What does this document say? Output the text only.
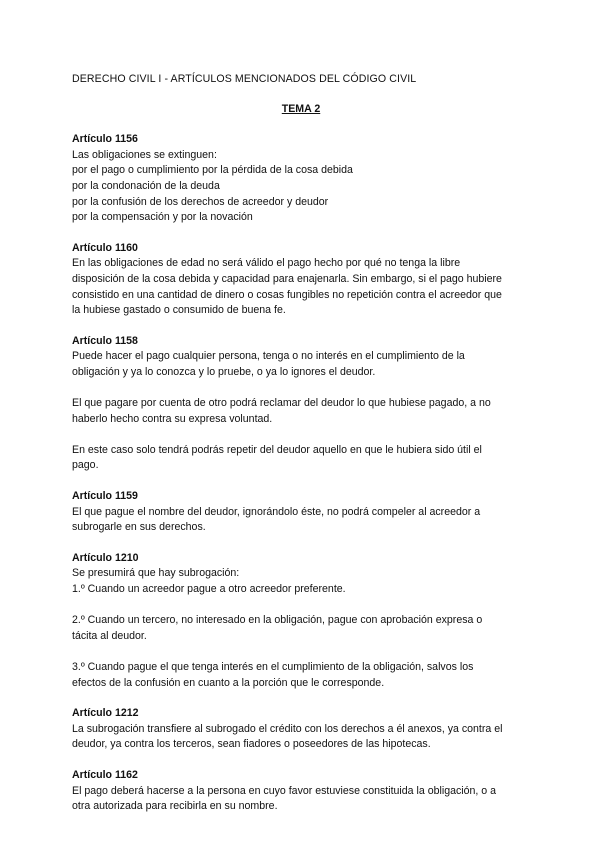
DERECHO CIVIL I - ARTÍCULOS MENCIONADOS DEL CÓDIGO CIVIL
TEMA 2
Artículo 1156
Las obligaciones se extinguen:
por el pago o cumplimiento por la pérdida de la cosa debida
por la condonación de la deuda
por la confusión de los derechos de acreedor y deudor
por la compensación y por la novación
Artículo 1160
En las obligaciones de edad no será válido el pago hecho por qué no tenga la libre
disposición de la cosa debida y capacidad para enajenarla. Sin embargo, si el pago hubiere
consistido en una cantidad de dinero o cosas fungibles no repetición contra el acreedor que
la hubiese gastado o consumido de buena fe.
Artículo 1158
Puede hacer el pago cualquier persona, tenga o no interés en el cumplimiento de la
obligación y ya lo conozca y lo pruebe, o ya lo ignores el deudor.
El que pagare por cuenta de otro podrá reclamar del deudor lo que hubiese pagado, a no
haberlo hecho contra su expresa voluntad.
En este caso solo tendrá podrás repetir del deudor aquello en que le hubiera sido útil el
pago.
Artículo 1159
El que pague el nombre del deudor, ignorándolo éste, no podrá compeler al acreedor a
subrogarle en sus derechos.
Artículo 1210
Se presumirá que hay subrogación:
1.º Cuando un acreedor pague a otro acreedor preferente.
2.º Cuando un tercero, no interesado en la obligación, pague con aprobación expresa o
tácita al deudor.
3.º Cuando pague el que tenga interés en el cumplimiento de la obligación, salvos los
efectos de la confusión en cuanto a la porción que le corresponde.
Artículo 1212
La subrogación transfiere al subrogado el crédito con los derechos a él anexos, ya contra el
deudor, ya contra los terceros, sean fiadores o poseedores de las hipotecas.
Artículo 1162
El pago deberá hacerse a la persona en cuyo favor estuviese constituida la obligación, o a
otra autorizada para recibirla en su nombre.
